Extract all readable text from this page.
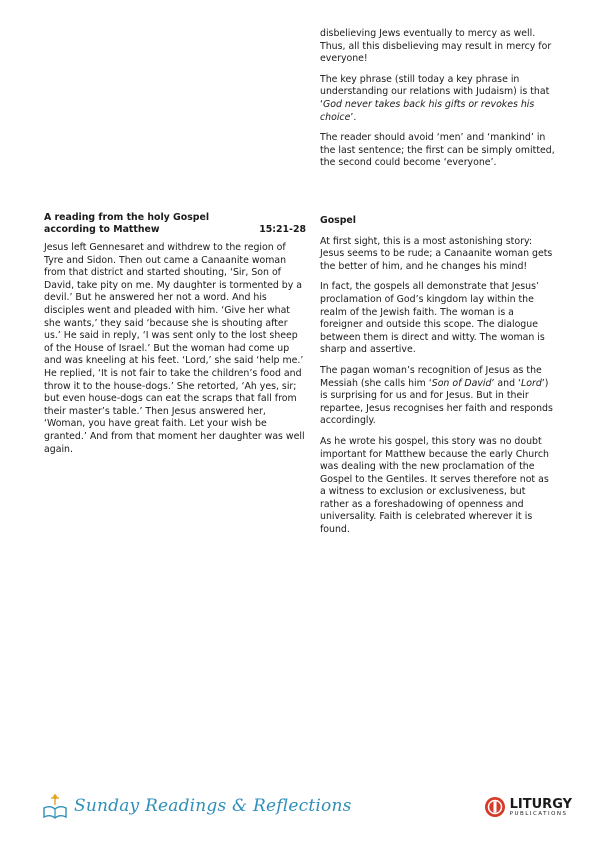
disbelieving Jews eventually to mercy as well. Thus, all this disbelieving may result in mercy for everyone!

The key phrase (still today a key phrase in understanding our relations with Judaism) is that ‘God never takes back his gifts or revokes his choice’.

The reader should avoid ‘men’ and ‘mankind’ in the last sentence; the first can be simply omitted, the second could become ‘everyone’.

A reading from the holy Gospel
according to Matthew	15:21-28

Jesus left Gennesaret and withdrew to the region of Tyre and Sidon. Then out came a Canaanite woman from that district and started shouting, ‘Sir, Son of David, take pity on me. My daughter is tormented by a devil.’ But he answered her not a word. And his disciples went and pleaded with him. ‘Give her what she wants,’ they said ‘because she is shouting after us.’ He said in reply, ‘I was sent only to the lost sheep of the House of Israel.’ But the woman had come up and was kneeling at his feet. ‘Lord,’ she said ‘help me.’ He replied, ‘It is not fair to take the children’s food and throw it to the house-dogs.’ She retorted, ‘Ah yes, sir; but even house-dogs can eat the scraps that fall from their master’s table.’ Then Jesus answered her, ‘Woman, you have great faith. Let your wish be granted.’ And from that moment her daughter was well again.

Gospel

At first sight, this is a most astonishing story: Jesus seems to be rude; a Canaanite woman gets the better of him, and he changes his mind!

In fact, the gospels all demonstrate that Jesus’ proclamation of God’s kingdom lay within the realm of the Jewish faith. The woman is a foreigner and outside this scope. The dialogue between them is direct and witty. The woman is sharp and assertive.

The pagan woman’s recognition of Jesus as the Messiah (she calls him ‘Son of David’ and ‘Lord’) is surprising for us and for Jesus. But in their repartee, Jesus recognises her faith and responds accordingly.

As he wrote his gospel, this story was no doubt important for Matthew because the early Church was dealing with the new proclamation of the Gospel to the Gentiles. It serves therefore not as a witness to exclusion or exclusiveness, but rather as a foreshadowing of openness and universality. Faith is celebrated wherever it is found.

Sunday Readings & Reflections	LITURGY
PUBLICATIONS
